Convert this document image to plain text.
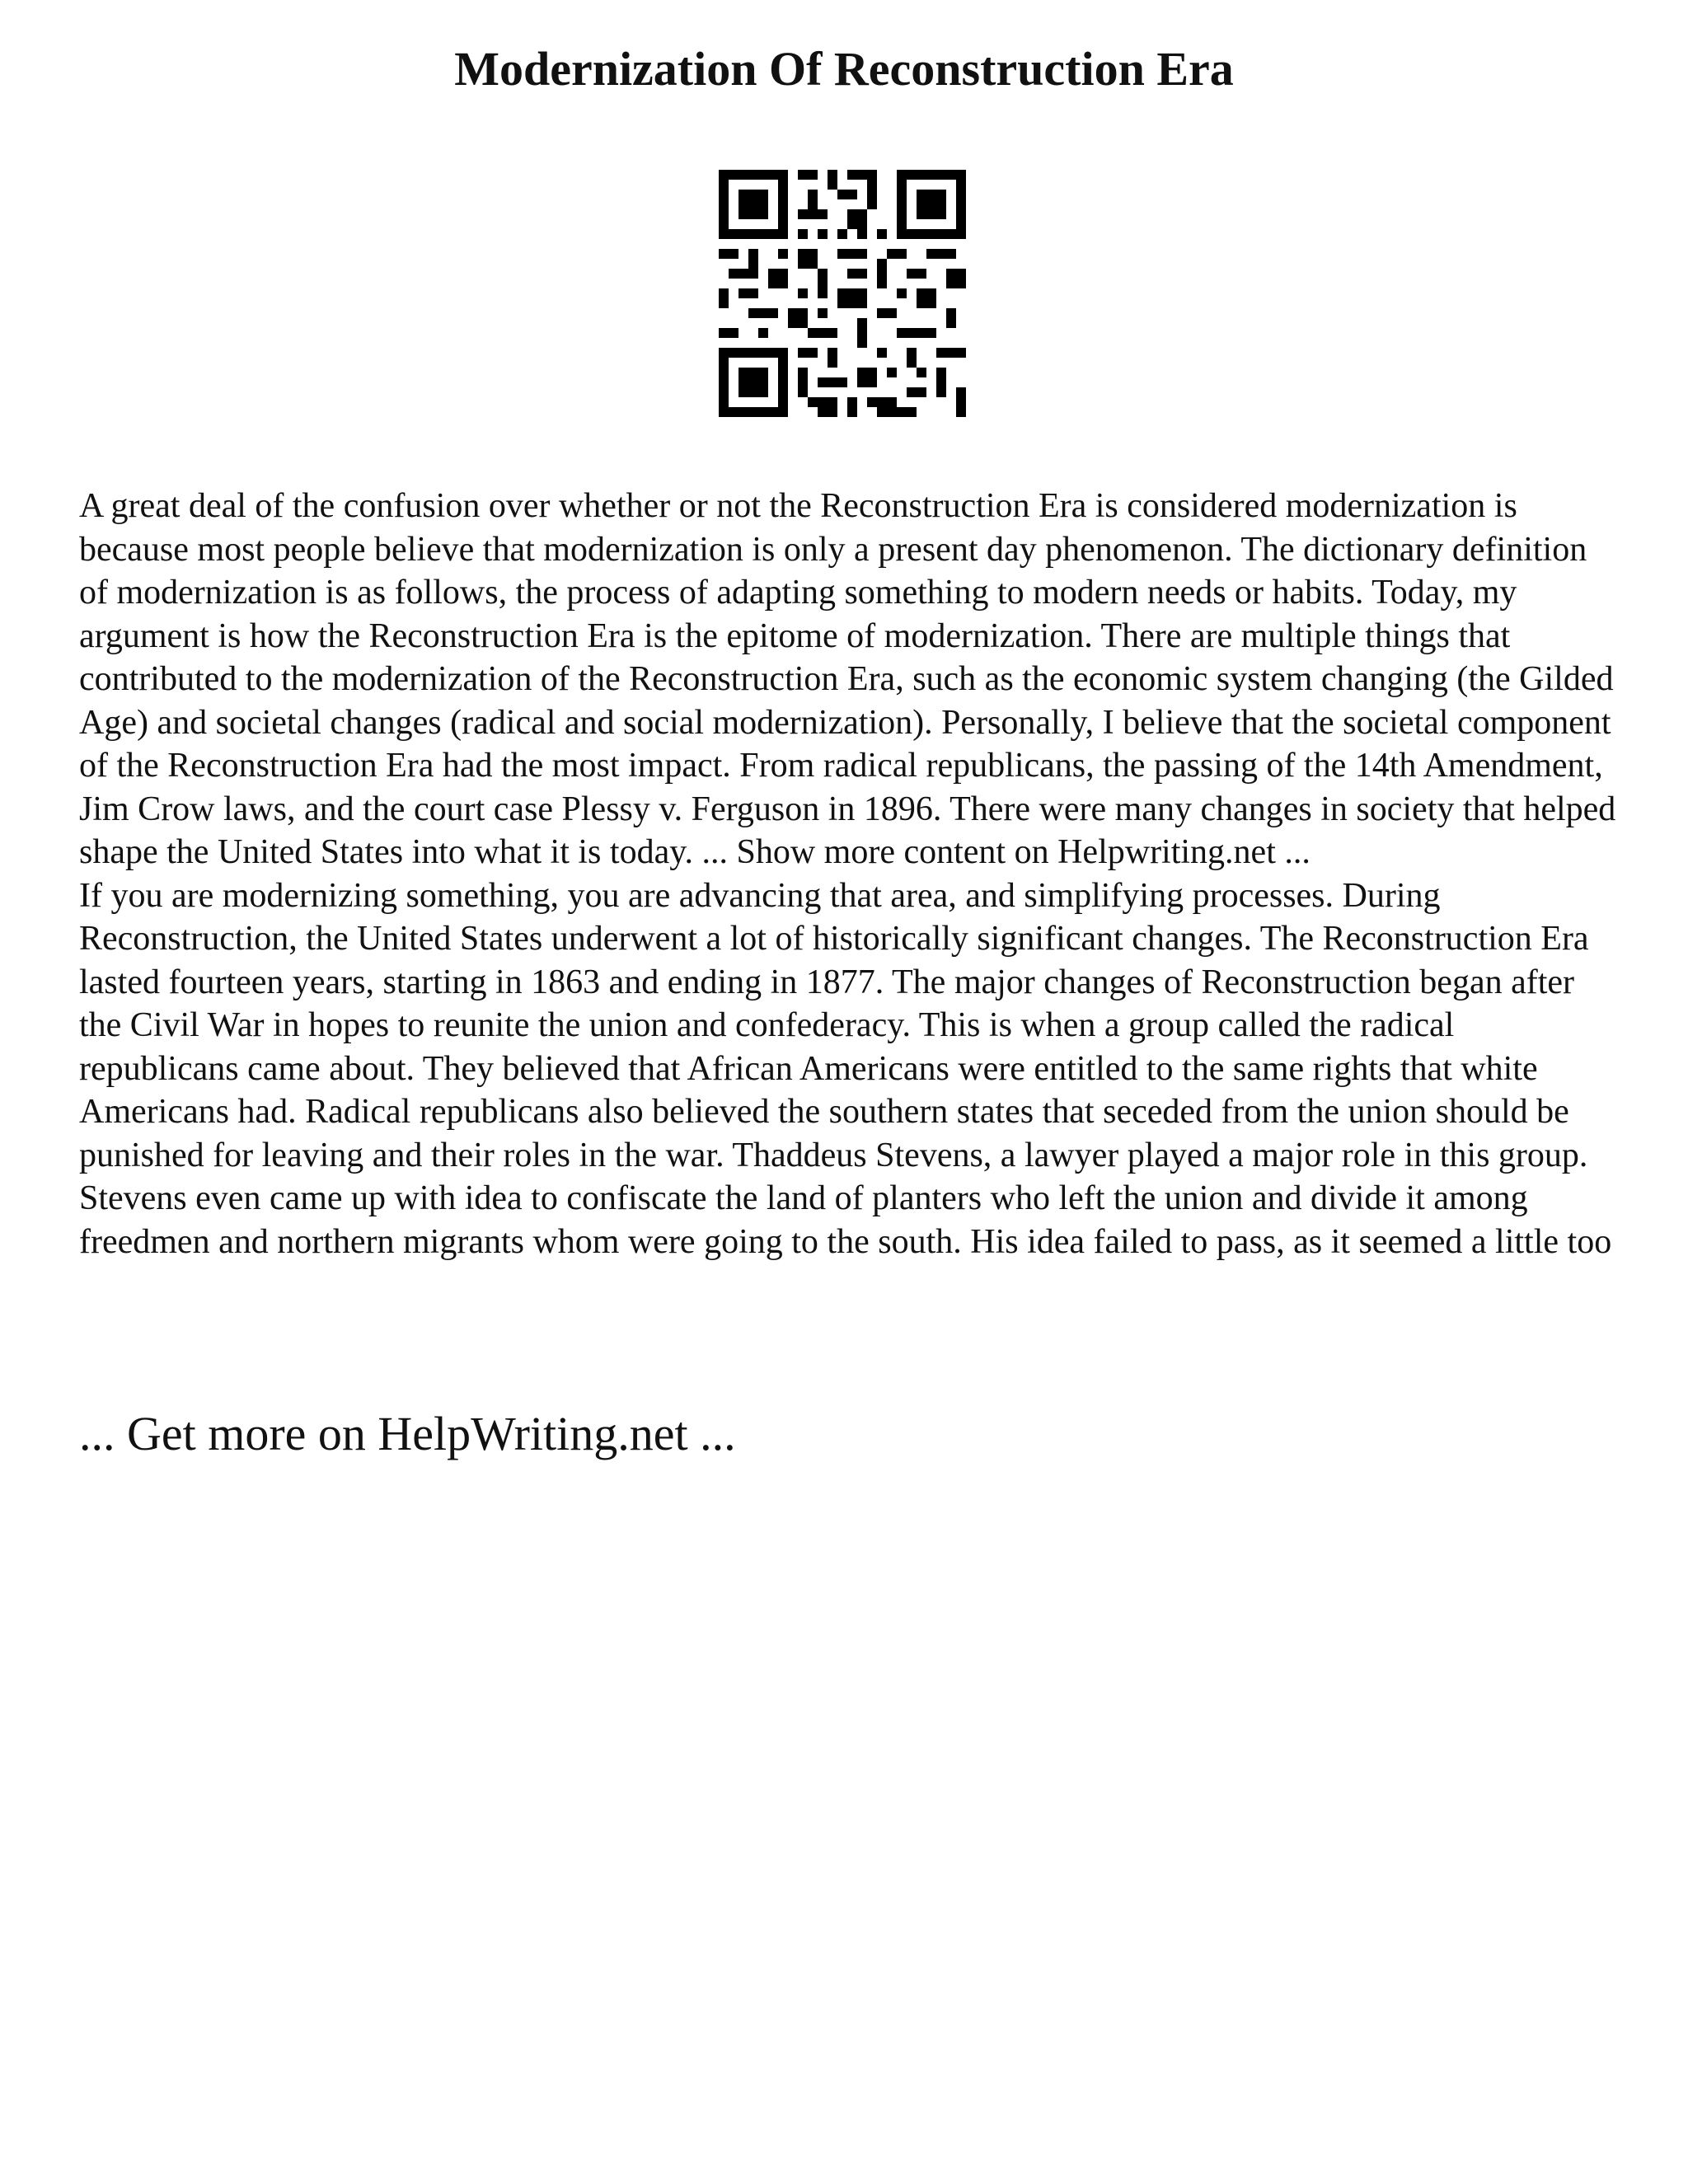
Modernization Of Reconstruction Era

A great deal of the confusion over whether or not the Reconstruction Era is considered modernization is because most people believe that modernization is only a present day phenomenon. The dictionary definition of modernization is as follows, the process of adapting something to modern needs or habits. Today, my argument is how the Reconstruction Era is the epitome of modernization. There are multiple things that contributed to the modernization of the Reconstruction Era, such as the economic system changing (the Gilded Age) and societal changes (radical and social modernization). Personally, I believe that the societal component of the Reconstruction Era had the most impact. From radical republicans, the passing of the 14th Amendment, Jim Crow laws, and the court case Plessy v. Ferguson in 1896. There were many changes in society that helped shape the United States into what it is today. ... Show more content on Helpwriting.net ...

If you are modernizing something, you are advancing that area, and simplifying processes. During Reconstruction, the United States underwent a lot of historically significant changes. The Reconstruction Era lasted fourteen years, starting in 1863 and ending in 1877. The major changes of Reconstruction began after the Civil War in hopes to reunite the union and confederacy. This is when a group called the radical republicans came about. They believed that African Americans were entitled to the same rights that white Americans had. Radical republicans also believed the southern states that seceded from the union should be punished for leaving and their roles in the war. Thaddeus Stevens, a lawyer played a major role in this group. Stevens even came up with idea to confiscate the land of planters who left the union and divide it among freedmen and northern migrants whom were going to the south. His idea failed to pass, as it seemed a little too

... Get more on HelpWriting.net ...
